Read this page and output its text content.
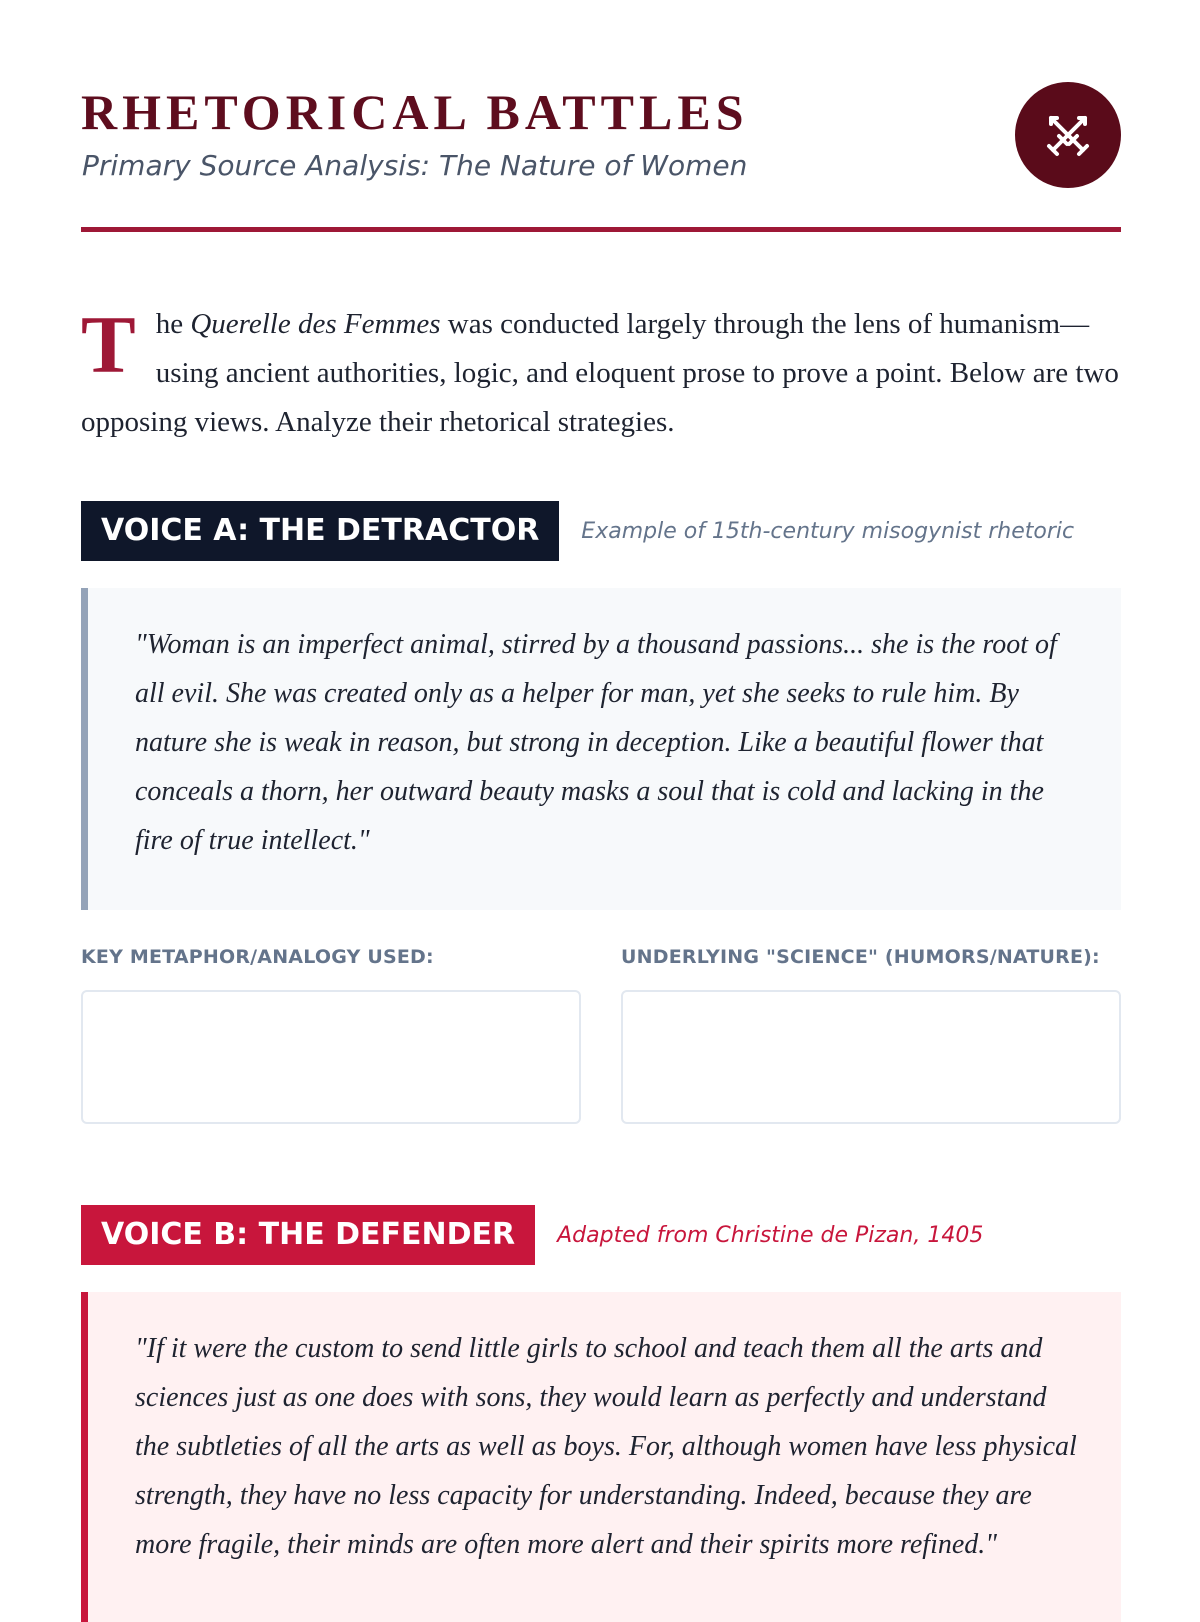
RHETORICAL BATTLES

Primary Source Analysis: The Nature of Women

The Querelle des Femmes was conducted largely through the lens of humanism—using ancient authorities, logic, and eloquent prose to prove a point. Below are two opposing views. Analyze their rhetorical strategies.

VOICE A: THE DETRACTOR	Example of 15th-century misogynist rhetoric
"Woman is an imperfect animal, stirred by a thousand passions... she is the root of all evil. She was created only as a helper for man, yet she seeks to rule him. By nature she is weak in reason, but strong in deception. Like a beautiful flower that conceals a thorn, her outward beauty masks a soul that is cold and lacking in the fire of true intellect."
KEY METAPHOR/ANALOGY USED:	UNDERLYING "SCIENCE" (HUMORS/NATURE):
VOICE B: THE DEFENDER	Adapted from Christine de Pizan, 1405
"If it were the custom to send little girls to school and teach them all the arts and sciences just as one does with sons, they would learn as perfectly and understand the subtleties of all the arts as well as boys. For, although women have less physical strength, they have no less capacity for understanding. Indeed, because they are more fragile, their minds are often more alert and their spirits more refined."
